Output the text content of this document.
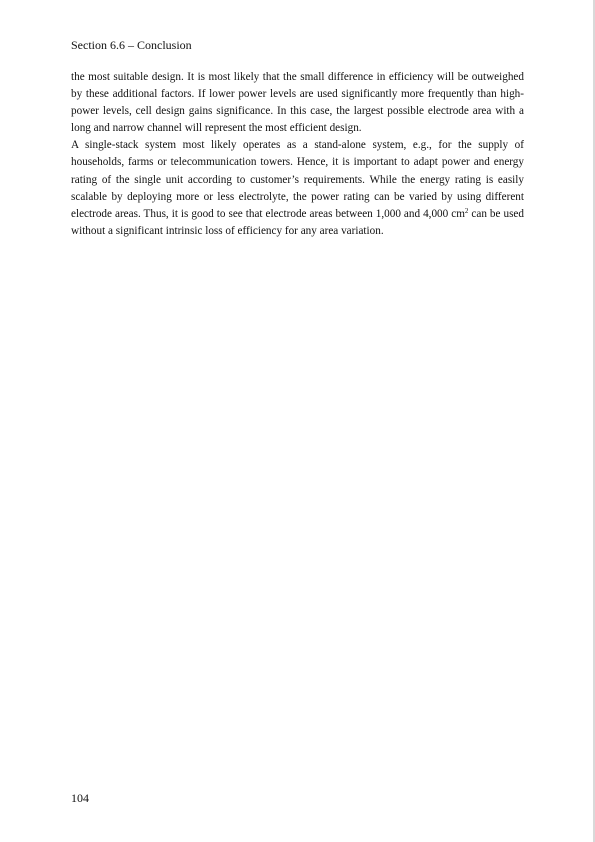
Section 6.6 – Conclusion

the most suitable design. It is most likely that the small difference in efficiency will be outweighed by these additional factors. If lower power levels are used significantly more frequently than high-power levels, cell design gains significance. In this case, the largest possible electrode area with a long and narrow channel will represent the most efficient design.

A single-stack system most likely operates as a stand-alone system, e.g., for the supply of households, farms or telecommunication towers. Hence, it is important to adapt power and energy rating of the single unit according to customer’s requirements. While the energy rating is easily scalable by deploying more or less electrolyte, the power rating can be varied by using different electrode areas. Thus, it is good to see that electrode areas between 1,000 and 4,000 $cm^2$ can be used without a significant intrinsic loss of efficiency for any area variation.

104
